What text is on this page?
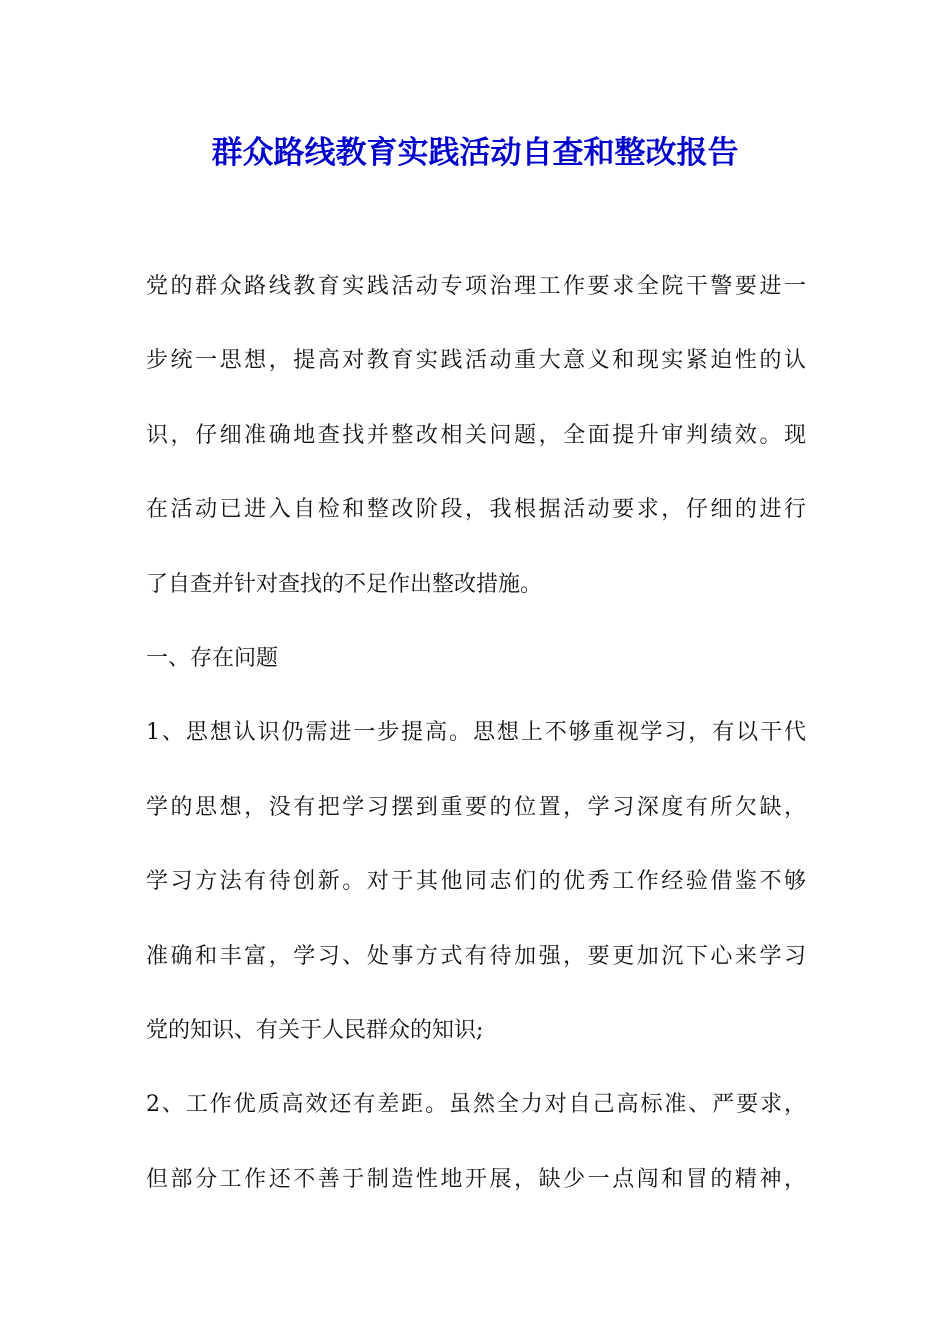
群众路线教育实践活动自查和整改报告
党的群众路线教育实践活动专项治理工作要求全院干警要进一
步统一思想，提高对教育实践活动重大意义和现实紧迫性的认
识，仔细准确地查找并整改相关问题，全面提升审判绩效。现
在活动已进入自检和整改阶段，我根据活动要求，仔细的进行
了自查并针对查找的不足作出整改措施。
一、存在问题
1、思想认识仍需进一步提高。思想上不够重视学习，有以干代
学的思想，没有把学习摆到重要的位置，学习深度有所欠缺，
学习方法有待创新。对于其他同志们的优秀工作经验借鉴不够
准确和丰富，学习、处事方式有待加强，要更加沉下心来学习
党的知识、有关于人民群众的知识;
2、工作优质高效还有差距。虽然全力对自己高标准、严要求，
但部分工作还不善于制造性地开展，缺少一点闯和冒的精神，
